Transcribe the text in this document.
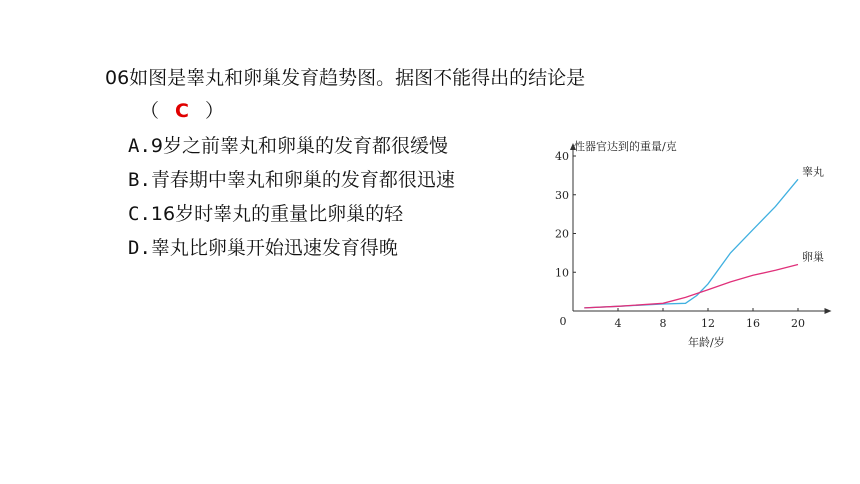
06如图是睾丸和卵巢发育趋势图。据图不能得出的结论是
（ C ）
A.9岁之前睾丸和卵巢的发育都很缓慢
B.青春期中睾丸和卵巢的发育都很迅速
C.16岁时睾丸的重量比卵巢的轻
D.睾丸比卵巢开始迅速发育得晚
4	8	12	16	20
10
20
30
40
0
睾丸
卵巢
性器官达到的重量/克
年龄/岁
